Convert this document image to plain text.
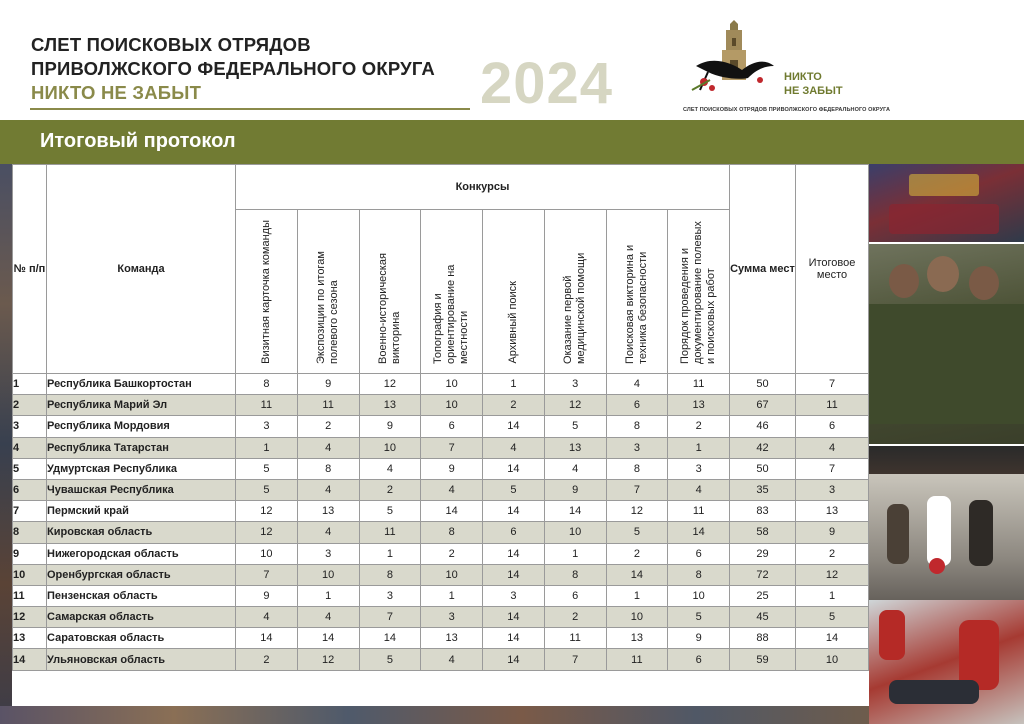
СЛЕТ ПОИСКОВЫХ ОТРЯДОВ
ПРИВОЛЖСКОГО ФЕДЕРАЛЬНОГО ОКРУГА
НИКТО НЕ ЗАБЫТ	2024	НИКТО
НЕ ЗАБЫТ
СЛЕТ ПОИСКОВЫХ ОТРЯДОВ ПРИВОЛЖСКОГО ФЕДЕРАЛЬНОГО ОКРУГА
Итоговый протокол
№ п/п	Команда	Конкурсы								Сумма мест	Итоговое место
		Визитная карточка команды	Экспозиции по итогам полевого сезона	Военно-историческая викторина	Топография и ориентирование на местности	Архивный поиск	Оказание первой медицинской помощи	Поисковая викторина и техника безопасности	Порядок проведения и документирование полевых и поисковых работ		
1	Республика Башкортостан	8	9	12	10	1	3	4	11	50	7
2	Республика Марий Эл	11	11	13	10	2	12	6	13	67	11
3	Республика Мордовия	3	2	9	6	14	5	8	2	46	6
4	Республика Татарстан	1	4	10	7	4	13	3	1	42	4
5	Удмуртская Республика	5	8	4	9	14	4	8	3	50	7
6	Чувашская Республика	5	4	2	4	5	9	7	4	35	3
7	Пермский край	12	13	5	14	14	14	12	11	83	13
8	Кировская область	12	4	11	8	6	10	5	14	58	9
9	Нижегородская область	10	3	1	2	14	1	2	6	29	2
10	Оренбургская область	7	10	8	10	14	8	14	8	72	12
11	Пензенская область	9	1	3	1	3	6	1	10	25	1
12	Самарская область	4	4	7	3	14	2	10	5	45	5
13	Саратовская область	14	14	14	13	14	11	13	9	88	14
14	Ульяновская область	2	12	5	4	14	7	11	6	59	10
